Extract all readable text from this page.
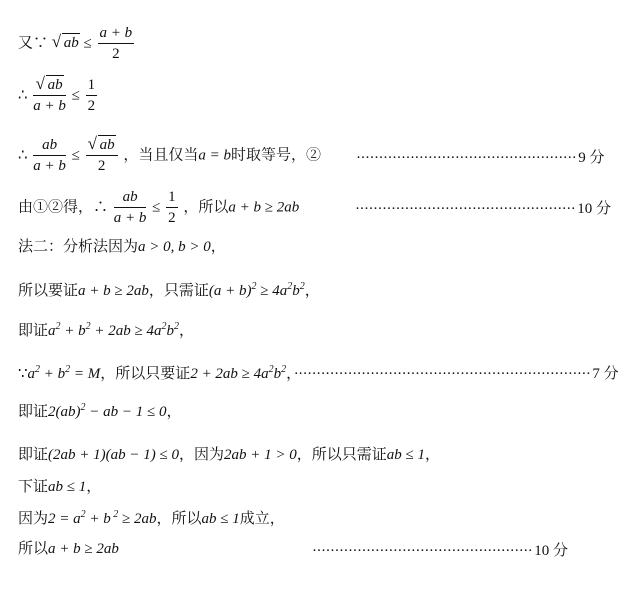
又∵ √ ab ≤ $\frac{a + b}{2}$
∴ $\frac{√ ab}{a + b} \le \frac{1}{2}$
∴ $\frac{ab}{a + b} \le \frac{√ ab}{2}$ ，当且仅当a = b时取等号，② ················································· 9 分
由①②得，∴ $\frac{ab}{a + b} \le \frac{1}{2}$ ，所以a + b ≥ 2ab	················································· 10 分
法二：分析法因为a > 0, b > 0，
所以要证a + b ≥ 2ab，只需证$(a + b)^2 \ge 4a^2b^2$，
即证$a^2 + b^2 + 2ab \ge 4a^2b^2$，
$\because a^2 + b^2 = M$，所以只要证$2 + 2ab \ge 4a^2b^2$，·································································· 7 分
即证2(ab)$^2$ − ab − 1 ≤ 0，
即证(2ab + 1)(ab − 1) ≤ 0，因为2ab + 1 > 0，所以只需证ab ≤ 1，
下证ab ≤ 1，
因为$2 = a^2 + b$ $^2$ ≥ 2ab，所以ab ≤ 1成立，
所以a + b ≥ 2ab	················································· 10 分
